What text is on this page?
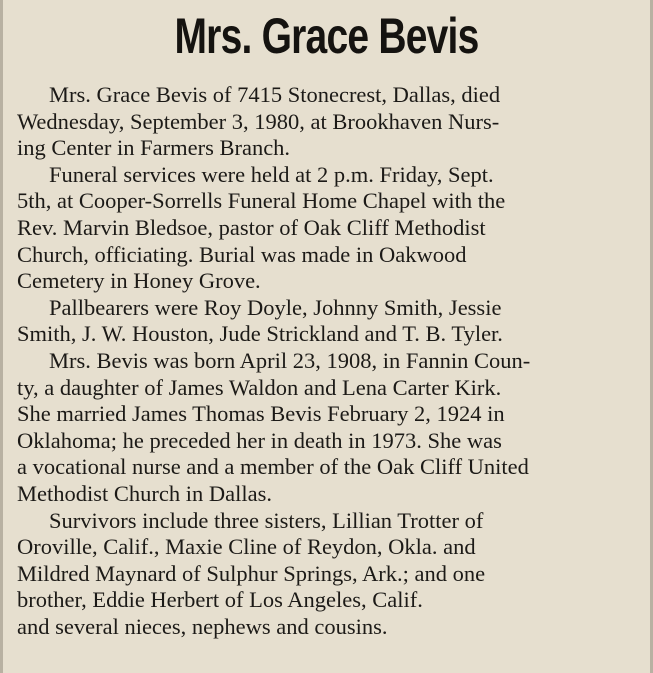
Mrs. Grace Bevis
Mrs. Grace Bevis of 7415 Stonecrest, Dallas, died
Wednesday, September 3, 1980, at Brookhaven Nurs-
ing Center in Farmers Branch.
Funeral services were held at 2 p.m. Friday, Sept.
5th, at Cooper-Sorrells Funeral Home Chapel with the
Rev. Marvin Bledsoe, pastor of Oak Cliff Methodist
Church, officiating. Burial was made in Oakwood
Cemetery in Honey Grove.
Pallbearers were Roy Doyle, Johnny Smith, Jessie
Smith, J. W. Houston, Jude Strickland and T. B. Tyler.
Mrs. Bevis was born April 23, 1908, in Fannin Coun-
ty, a daughter of James Waldon and Lena Carter Kirk.
She married James Thomas Bevis February 2, 1924 in
Oklahoma; he preceded her in death in 1973. She was
a vocational nurse and a member of the Oak Cliff United
Methodist Church in Dallas.
Survivors include three sisters, Lillian Trotter of
Oroville, Calif., Maxie Cline of Reydon, Okla. and
Mildred Maynard of Sulphur Springs, Ark.; and one
brother, Eddie Herbert of Los Angeles, Calif.
and several nieces, nephews and cousins.
